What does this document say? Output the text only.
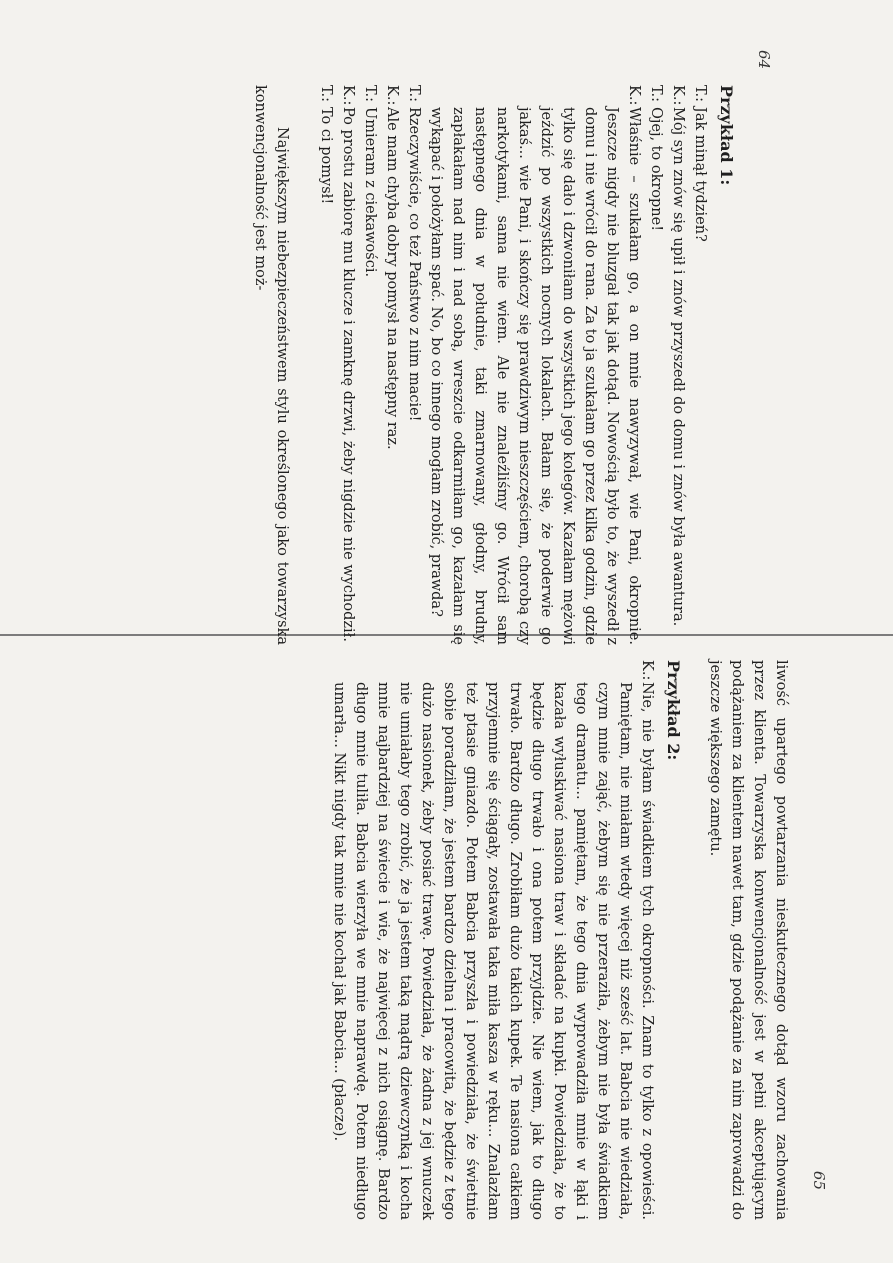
64
Przykład 1:
T.:
Jak minął tydzień?
K.:
Mój syn znów się upił i znów przyszedł do domu i znów była awantura.
T.:
Ojej, to okropne!
K.:
Właśnie – szukałam go, a on mnie nawyzywał, wie Pani, okropnie. Jeszcze nigdy nie bluzgał tak jak dotąd. Nowością było to, że wyszedł z domu i nie wrócił do rana. Za to ja szukałam go przez kilka godzin, gdzie tylko się dało i dzwoniłam do wszystkich jego kolegów. Kazałam mężowi jeździć po wszystkich nocnych lokalach. Bałam się, że poderwie go jakaś... wie Pani, i skończy się prawdziwym nieszczęściem, chorobą czy narkotykami, sama nie wiem. Ale nie znaleźliśmy go. Wrócił sam następnego dnia w południe, taki zmarnowany, głodny, brudny, zapłakałam nad nim i nad sobą, wreszcie odkarmiłam go, kazałam się wykąpać i położyłam spać. No, bo co innego mogłam zrobić, prawda?
T.:
Rzeczywiście, co też Państwo z nim macie!
K.:
Ale mam chyba dobry pomysł na następny raz.
T.:
Umieram z ciekawości.
K.:
Po prostu zabiorę mu klucze i zamknę drzwi, żeby nigdzie nie wychodził.
T.:
To ci pomysł!

Największym niebezpieczeństwem stylu określonego jako towarzyska konwencjonalność jest moż-

65

liwość upartego powtarzania nieskutecznego dotąd wzoru zachowania przez klienta. Towarzyska konwencjonalność jest w pełni akceptującym podążaniem za klientem nawet tam, gdzie podążanie za nim zaprowadzi do jeszcze większego zamętu.

Przykład 2:
K.:
Nie, nie byłam świadkiem tych okropności. Znam to tylko z opowieści. Pamiętam, nie miałam wtedy więcej niż sześć lat. Babcia nie wiedziała, czym mnie zająć, żebym się nie przeraziła, żebym nie była świadkiem tego dramatu... pamiętam, że tego dnia wyprowadziła mnie w łąki i kazała wyłuskiwać nasiona traw i składać na kupki. Powiedziała, że to będzie długo trwało i ona potem przyjdzie. Nie wiem, jak to długo trwało. Bardzo długo. Zrobiłam dużo takich kupek. Te nasiona całkiem przyjemnie się ściągały, zostawała taka miła kasza w ręku... Znalazłam też ptasie gniazdo. Potem Babcia przyszła i powiedziała, że świetnie sobie poradziłam, że jestem bardzo dzielna i pracowita, że będzie z tego dużo nasionek, żeby posiać trawę. Powiedziała, że żadna z jej wnuczek nie umiałaby tego zrobić, że ja jestem taką mądrą dziewczynką i kocha mnie najbardziej na świecie i wie, że najwięcej z nich osiągnę. Bardzo długo mnie tuliła. Babcia wierzyła we mnie naprawdę. Potem niedługo umarła... Nikt nigdy tak mnie nie kochał jak Babcia... (płacze).
